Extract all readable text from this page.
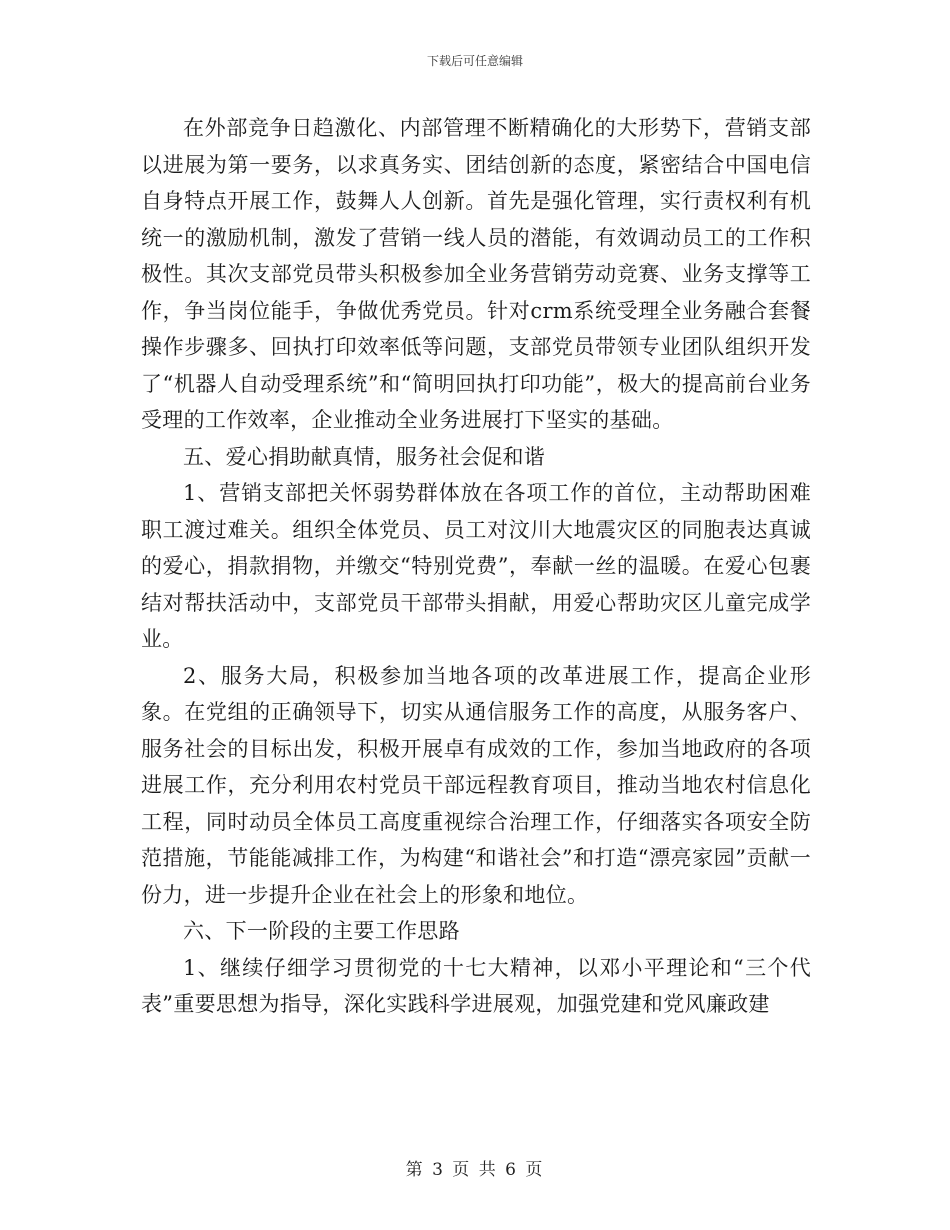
下载后可任意编辑

在外部竞争日趋激化、内部管理不断精确化的大形势下，营销支部以进展为第一要务，以求真务实、团结创新的态度，紧密结合中国电信自身特点开展工作，鼓舞人人创新。首先是强化管理，实行责权利有机统一的激励机制，激发了营销一线人员的潜能，有效调动员工的工作积极性。其次支部党员带头积极参加全业务营销劳动竞赛、业务支撑等工作，争当岗位能手，争做优秀党员。针对crm系统受理全业务融合套餐操作步骤多、回执打印效率低等问题，支部党员带领专业团队组织开发了“机器人自动受理系统”和“简明回执打印功能”，极大的提高前台业务受理的工作效率，企业推动全业务进展打下坚实的基础。

五、爱心捐助献真情，服务社会促和谐

1、营销支部把关怀弱势群体放在各项工作的首位，主动帮助困难职工渡过难关。组织全体党员、员工对汶川大地震灾区的同胞表达真诚的爱心，捐款捐物，并缴交“特别党费”，奉献一丝的温暖。在爱心包裹结对帮扶活动中，支部党员干部带头捐献，用爱心帮助灾区儿童完成学业。

2、服务大局，积极参加当地各项的改革进展工作，提高企业形象。在党组的正确领导下，切实从通信服务工作的高度，从服务客户、服务社会的目标出发，积极开展卓有成效的工作，参加当地政府的各项进展工作，充分利用农村党员干部远程教育项目，推动当地农村信息化工程，同时动员全体员工高度重视综合治理工作，仔细落实各项安全防范措施，节能能减排工作，为构建“和谐社会”和打造“漂亮家园”贡献一份力，进一步提升企业在社会上的形象和地位。

六、下一阶段的主要工作思路

1、继续仔细学习贯彻党的十七大精神，以邓小平理论和“三个代表”重要思想为指导，深化实践科学进展观，加强党建和党风廉政建

第 3 页 共 6 页
